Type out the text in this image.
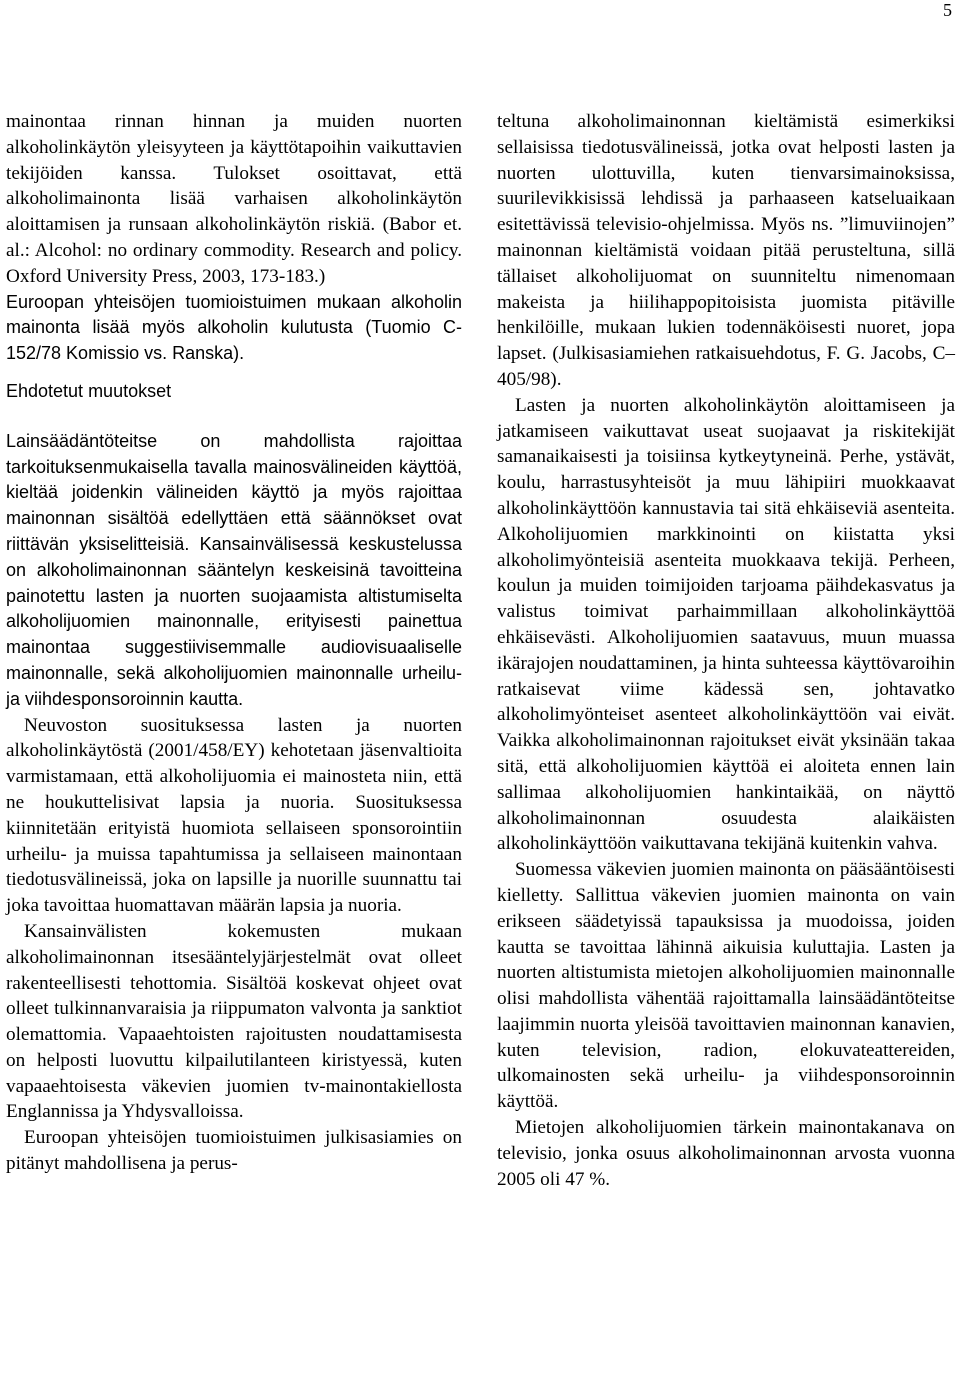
5

mainontaa rinnan hinnan ja muiden nuorten alkoholinkäytön yleisyyteen ja käyttötapoihin vaikuttavien tekijöiden kanssa. Tulokset osoittavat, että alkoholimainonta lisää varhaisen alkoholinkäytön aloittamisen ja runsaan alkoholinkäytön riskiä. (Babor et. al.: Alcohol: no ordinary commodity. Research and policy. Oxford University Press, 2003, 173-183.)

Euroopan yhteisöjen tuomioistuimen mukaan alkoholin mainonta lisää myös alkoholin kulutusta (Tuomio C-152/78 Komissio vs. Ranska).

Ehdotetut muutokset

Lainsäädäntöteitse on mahdollista rajoittaa tarkoituksenmukaisella tavalla mainosvälineiden käyttöä, kieltää joidenkin välineiden käyttö ja myös rajoittaa mainonnan sisältöä edellyttäen että säännökset ovat riittävän yksiselitteisiä. Kansainvälisessä keskustelussa on alkoholimainonnan sääntelyn keskeisinä tavoitteina painotettu lasten ja nuorten suojaamista altistumiselta alkoholijuomien mainonnalle, erityisesti painettua mainontaa suggestiivisemmalle audiovisuaaliselle mainonnalle, sekä alkoholijuomien mainonnalle urheilu- ja viihdesponsoroinnin kautta.

Neuvoston suosituksessa lasten ja nuorten alkoholinkäytöstä (2001/458/EY) kehotetaan jäsenvaltioita varmistamaan, että alkoholijuomia ei mainosteta niin, että ne houkuttelisivat lapsia ja nuoria. Suosituksessa kiinnitetään erityistä huomiota sellaiseen sponsorointiin urheilu- ja muissa tapahtumissa ja sellaiseen mainontaan tiedotusvälineissä, joka on lapsille ja nuorille suunnattu tai joka tavoittaa huomattavan määrän lapsia ja nuoria.

Kansainvälisten kokemusten mukaan alkoholimainonnan itsesääntelyjärjestelmät ovat olleet rakenteellisesti tehottomia. Sisältöä koskevat ohjeet ovat olleet tulkinnanvaraisia ja riippumaton valvonta ja sanktiot olemattomia. Vapaaehtoisten rajoitusten noudattamisesta on helposti luovuttu kilpailutilanteen kiristyessä, kuten vapaaehtoisesta väkevien juomien tv-mainontakiellosta Englannissa ja Yhdysvalloissa.

Euroopan yhteisöjen tuomioistuimen julkisasiamies on pitänyt mahdollisena ja perus-

teltuna alkoholimainonnan kieltämistä esimerkiksi sellaisissa tiedotusvälineissä, jotka ovat helposti lasten ja nuorten ulottuvilla, kuten tienvarsimainoksissa, suurilevikkisissä lehdissä ja parhaaseen katseluaikaan esitettävissä televisio-ohjelmissa. Myös ns. ”limuviinojen” mainonnan kieltämistä voidaan pitää perusteltuna, sillä tällaiset alkoholijuomat on suunniteltu nimenomaan makeista ja hiilihappopitoisista juomista pitäville henkilöille, mukaan lukien todennäköisesti nuoret, jopa lapset. (Julkisasiamiehen ratkaisuehdotus, F. G. Jacobs, C–405/98).

Lasten ja nuorten alkoholinkäytön aloittamiseen ja jatkamiseen vaikuttavat useat suojaavat ja riskitekijät samanaikaisesti ja toisiinsa kytkeytyneinä. Perhe, ystävät, koulu, harrastusyhteisöt ja muu lähipiiri muokkaavat alkoholinkäyttöön kannustavia tai sitä ehkäiseviä asenteita. Alkoholijuomien markkinointi on kiistatta yksi alkoholimyönteisiä asenteita muokkaava tekijä. Perheen, koulun ja muiden toimijoiden tarjoama päihdekasvatus ja valistus toimivat parhaimmillaan alkoholinkäyttöä ehkäisevästi. Alkoholijuomien saatavuus, muun muassa ikärajojen noudattaminen, ja hinta suhteessa käyttövaroihin ratkaisevat viime kädessä sen, johtavatko alkoholimyönteiset asenteet alkoholinkäyttöön vai eivät. Vaikka alkoholimainonnan rajoitukset eivät yksinään takaa sitä, että alkoholijuomien käyttöä ei aloiteta ennen lain sallimaa alkoholijuomien hankintaikää, on näyttö alkoholimainonnan osuudesta alaikäisten alkoholinkäyttöön vaikuttavana tekijänä kuitenkin vahva.

Suomessa väkevien juomien mainonta on pääsääntöisesti kielletty. Sallittua väkevien juomien mainonta on vain erikseen säädetyissä tapauksissa ja muodoissa, joiden kautta se tavoittaa lähinnä aikuisia kuluttajia. Lasten ja nuorten altistumista mietojen alkoholijuomien mainonnalle olisi mahdollista vähentää rajoittamalla lainsäädäntöteitse laajimmin nuorta yleisöä tavoittavien mainonnan kanavien, kuten television, radion, elokuvateattereiden, ulkomainosten sekä urheilu- ja viihdesponsoroinnin käyttöä.

Mietojen alkoholijuomien tärkein mainontakanava on televisio, jonka osuus alkoholimainonnan arvosta vuonna 2005 oli 47 %.
